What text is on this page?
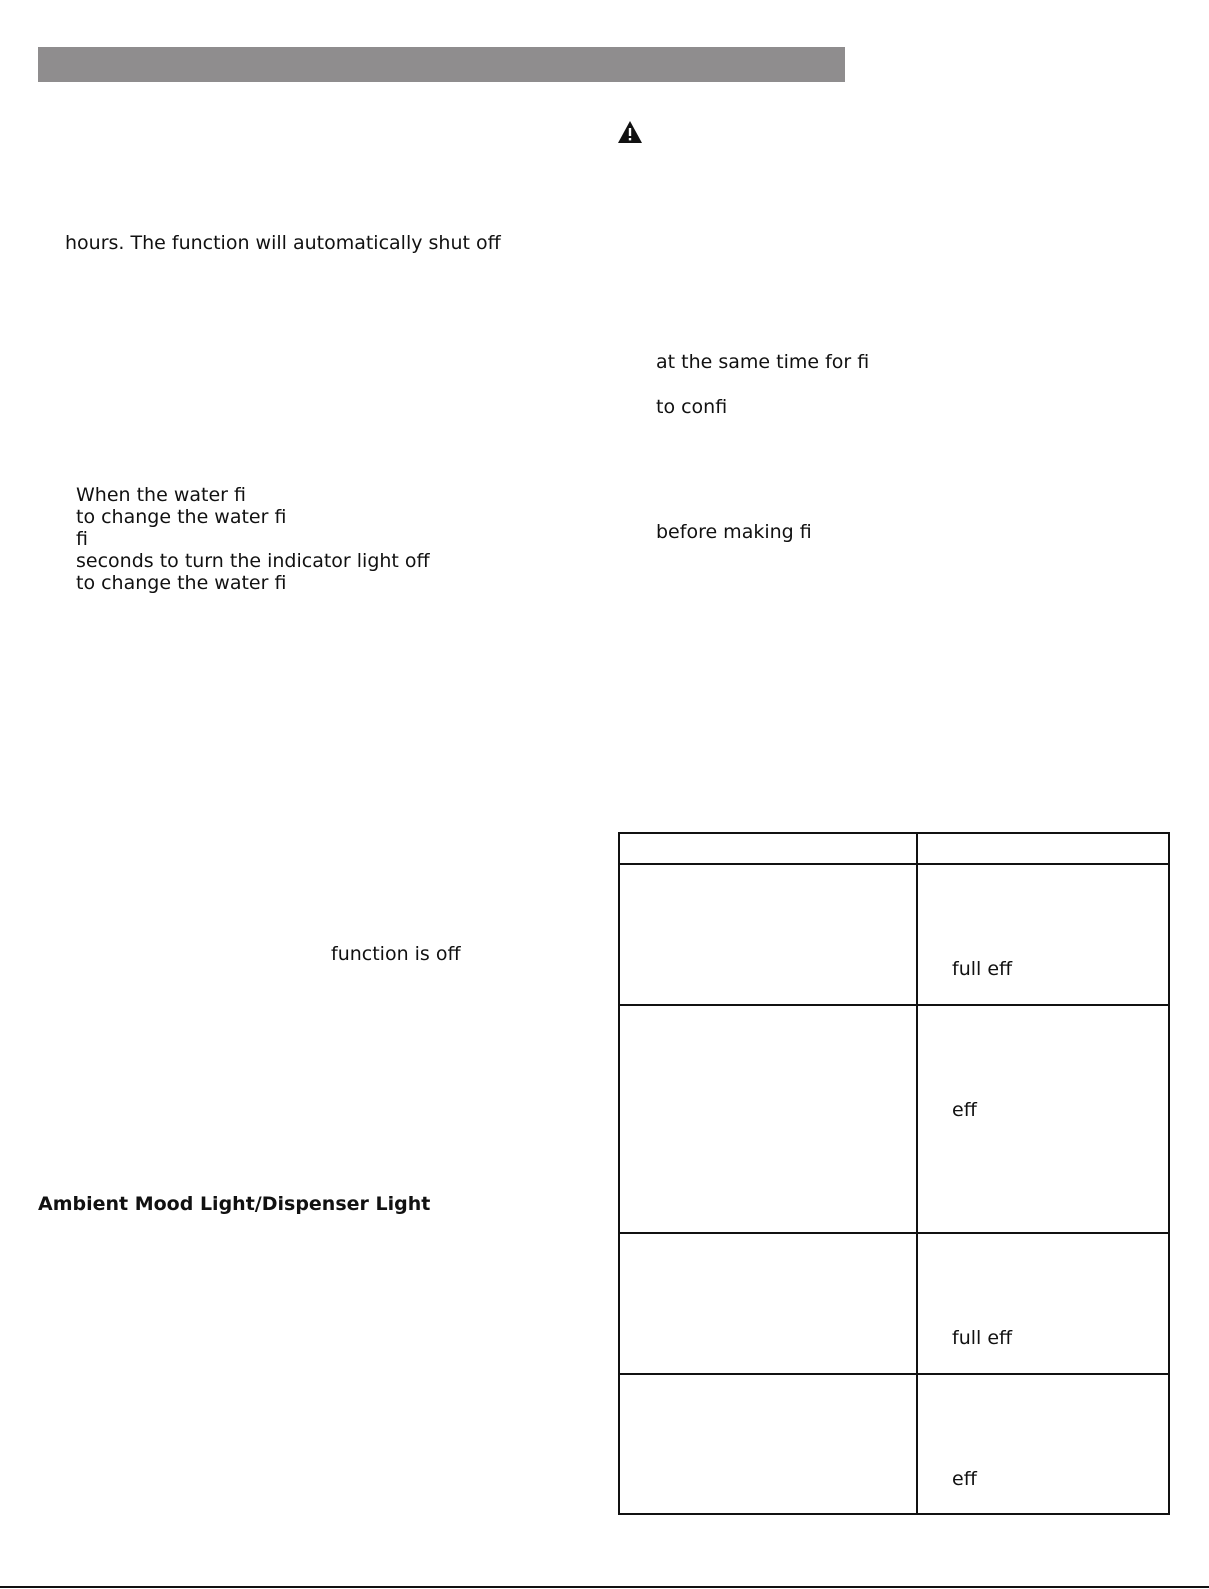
hours. The function will automatically shut off
When the water fi
to change the water fi
fi
seconds to turn the indicator light off
to change the water fi
function is off
Ambient Mood Light/Dispenser Light
at the same time for fi
to confi
before making fi
full eff
eff
full eff
eff
